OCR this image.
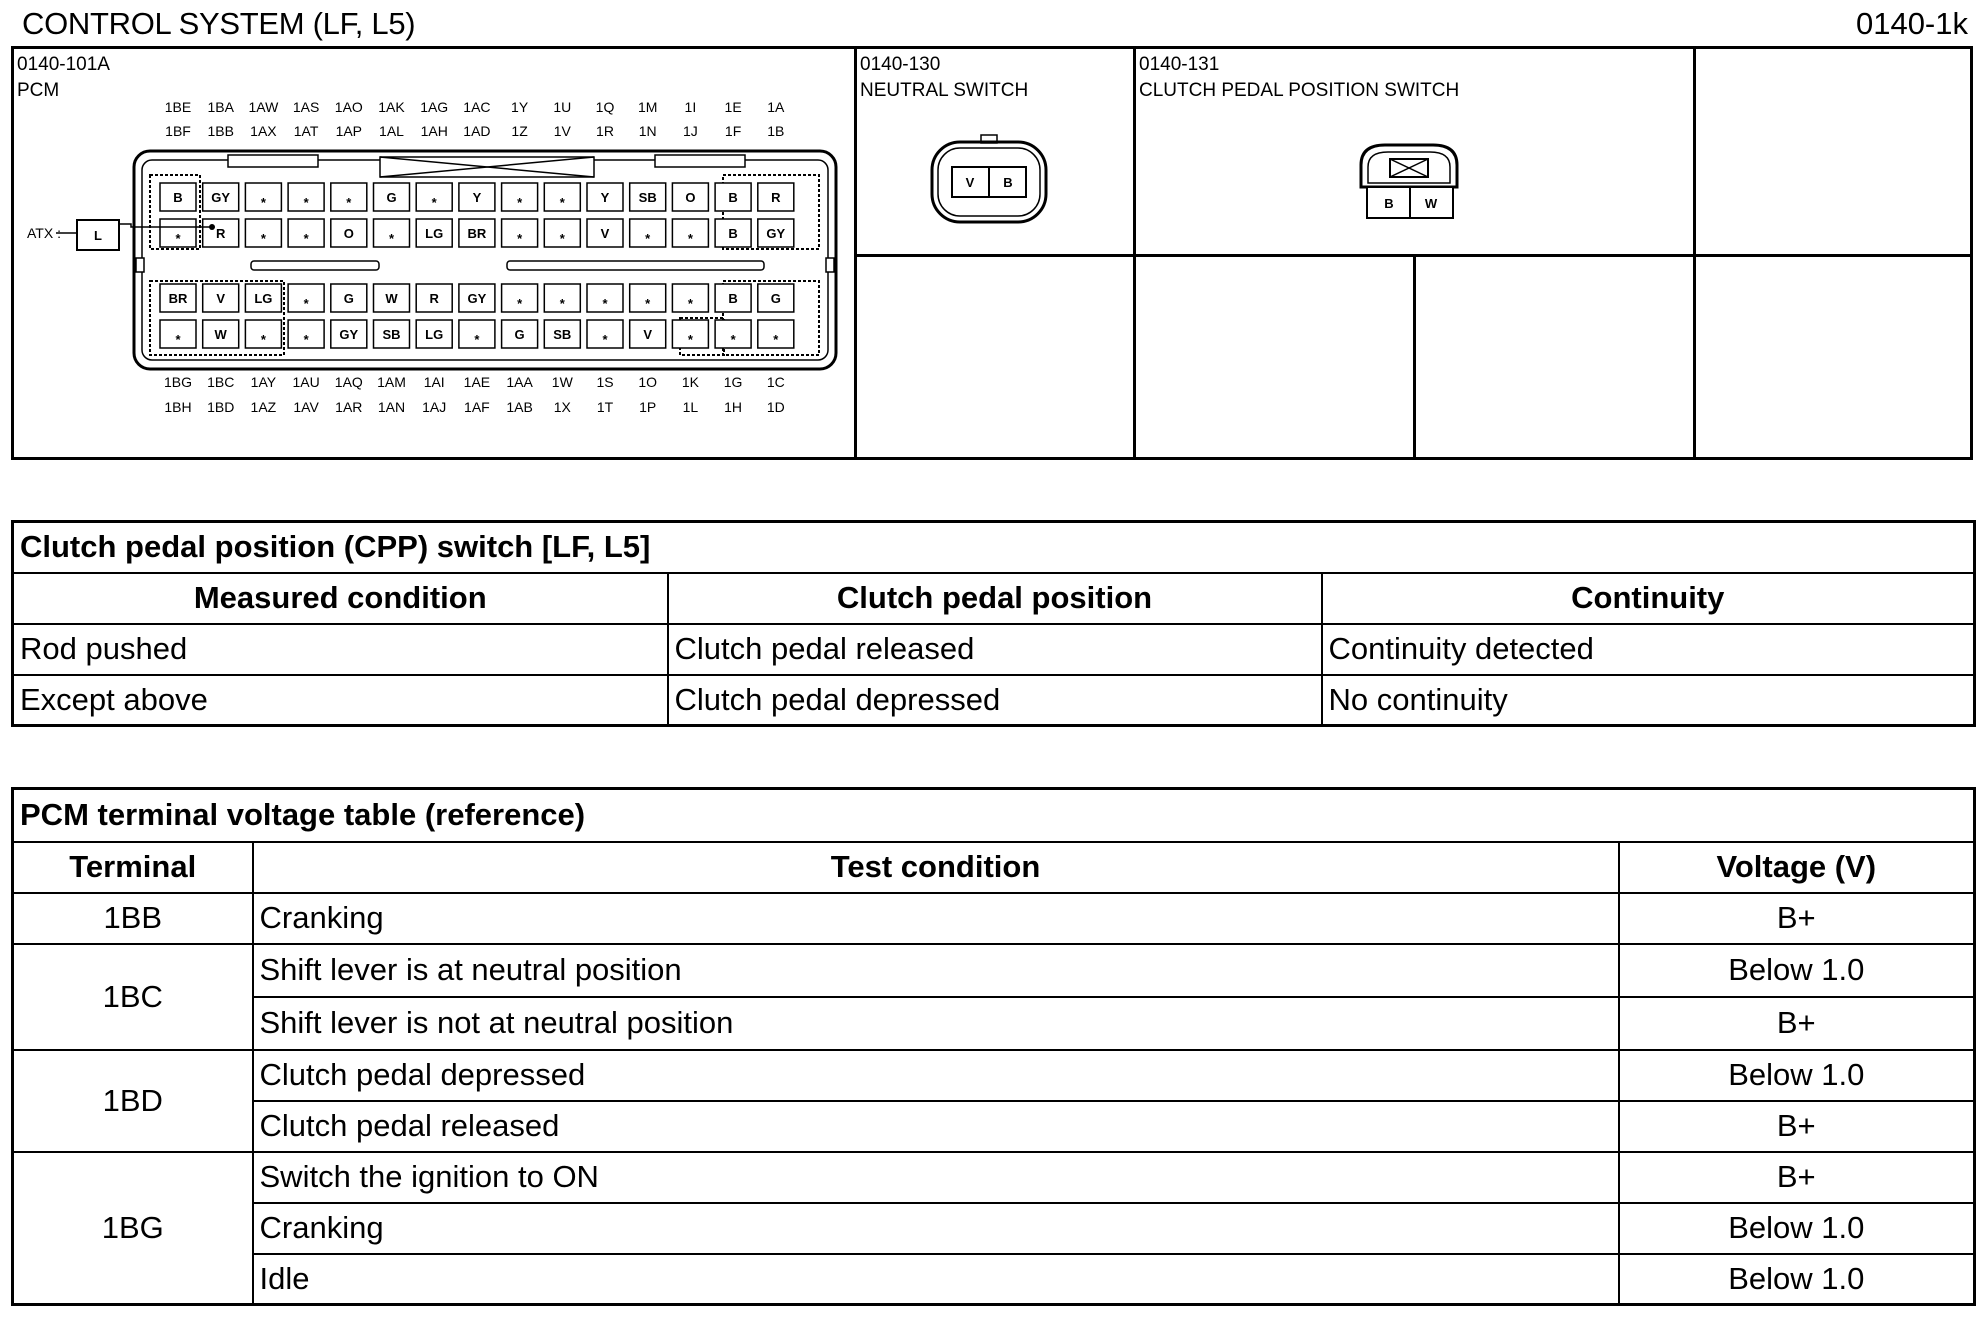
CONTROL SYSTEM (LF, L5)	0140-1k
0140-101A
PCM
0140-130
NEUTRAL SWITCH
0140-131
CLUTCH PEDAL POSITION SWITCH
B GY *	*	*	G	*	Y	*	*	Y SB O	B	R
*	R	*	*	O	* LG BR *	*	V	*	*	B GY
BR V LG *	G W R GY *	*	*	*	*	B	G
*	W	*	* GY SB LG *	G SB *	V	*	*	*
1BE 1BA 1AW 1AS 1AO 1AK 1AG 1AC 1Y 1U 1Q 1M 1I 1E 1A
1BF 1BB 1AX 1AT 1AP 1AL 1AH 1AD 1Z 1V 1R 1N 1J 1F 1B
1BG 1BC 1AY 1AU 1AQ 1AM 1AI 1AE 1AA 1W 1S 1O 1K 1G 1C
1BH 1BD 1AZ 1AV 1AR 1AN 1AJ 1AF 1AB 1X 1T 1P 1L 1H 1D
ATX :	L
V B
B W
Clutch pedal position (CPP) switch [LF, L5]		
Measured condition	Clutch pedal position	Continuity
Rod pushed	Clutch pedal released	Continuity detected
Except above	Clutch pedal depressed	No continuity
PCM terminal voltage table (reference)		
Terminal	Test condition	Voltage (V)
1BB	Cranking	B+
1BC	Shift lever is at neutral position	Below 1.0
	Shift lever is not at neutral position	B+
1BD	Clutch pedal depressed	Below 1.0
	Clutch pedal released	B+
1BG	Switch the ignition to ON	B+
	Cranking	Below 1.0
	Idle	Below 1.0
